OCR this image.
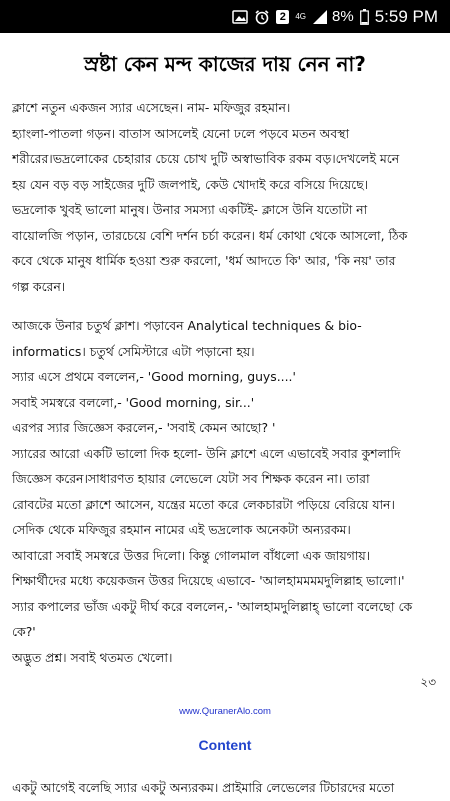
2	4G 8% 5:59 PM
স্রষ্টা কেন মন্দ কাজের দায় নেন না?

ক্লাশে নতুন একজন স্যার এসেছেন। নাম- মফিজুর রহমান।
হ্যাংলা-পাতলা গড়ন। বাতাস আসলেই যেনো ঢলে পড়বে মতন অবস্থা
শরীরের।ভদ্রলোকের চেহারার চেয়ে চোখ দুটি অস্বাভাবিক রকম বড়।দেখলেই মনে
হয় যেন বড় বড় সাইজের দুটি জলপাই, কেউ খোদাই করে বসিয়ে দিয়েছে।
ভদ্রলোক খুবই ভালো মানুষ। উনার সমস্যা একটিই- ক্লাসে উনি যতোটা না
বায়োলজি পড়ান, তারচেয়ে বেশি দর্শন চর্চা করেন। ধর্ম কোথা থেকে আসলো, ঠিক
কবে থেকে মানুষ ধার্মিক হওয়া শুরু করলো, 'ধর্ম আদতে কি' আর, 'কি নয়' তার
গল্প করেন।

আজকে উনার চতুর্থ ক্লাশ। পড়াবেন Analytical techniques & bio-
informatics। চতুর্থ সেমিস্টারে এটা পড়ানো হয়।
স্যার এসে প্রথমে বললেন,- 'Good morning, guys....'
সবাই সমস্বরে বললো,- 'Good morning, sir...'
এরপর স্যার জিজ্ঞেস করলেন,- 'সবাই কেমন আছো? '
স্যারের আরো একটি ভালো দিক হলো- উনি ক্লাশে এলে এভাবেই সবার কুশলাদি
জিজ্ঞেস করেন।সাধারণত হায়ার লেভেলে যেটা সব শিক্ষক করেন না। তারা
রোবটের মতো ক্লাশে আসেন, যন্ত্রের মতো করে লেকচারটা পড়িয়ে বেরিয়ে যান।
সেদিক থেকে মফিজুর রহমান নামের এই ভদ্রলোক অনেকটা অন্যরকম।
আবারো সবাই সমস্বরে উত্তর দিলো। কিন্তু গোলমাল বাঁধলো এক জায়গায়।
শিক্ষার্থীদের মধ্যে কয়েকজন উত্তর দিয়েছে এভাবে- 'আলহামমমমদুলিল্লাহ ভালো।'
স্যার কপালের ভাঁজ একটু দীর্ঘ করে বললেন,- 'আলহামদুলিল্লাহ্‌ ভালো বলেছো কে
কে?'
অদ্ভুত প্রশ্ন। সবাই থতমত খেলো।

২৩
www.QuranerAlo.com
Content

একটু আগেই বলেছি স্যার একটু অন্যরকম। প্রাইমারি লেভেলের টিচারদের মতো
